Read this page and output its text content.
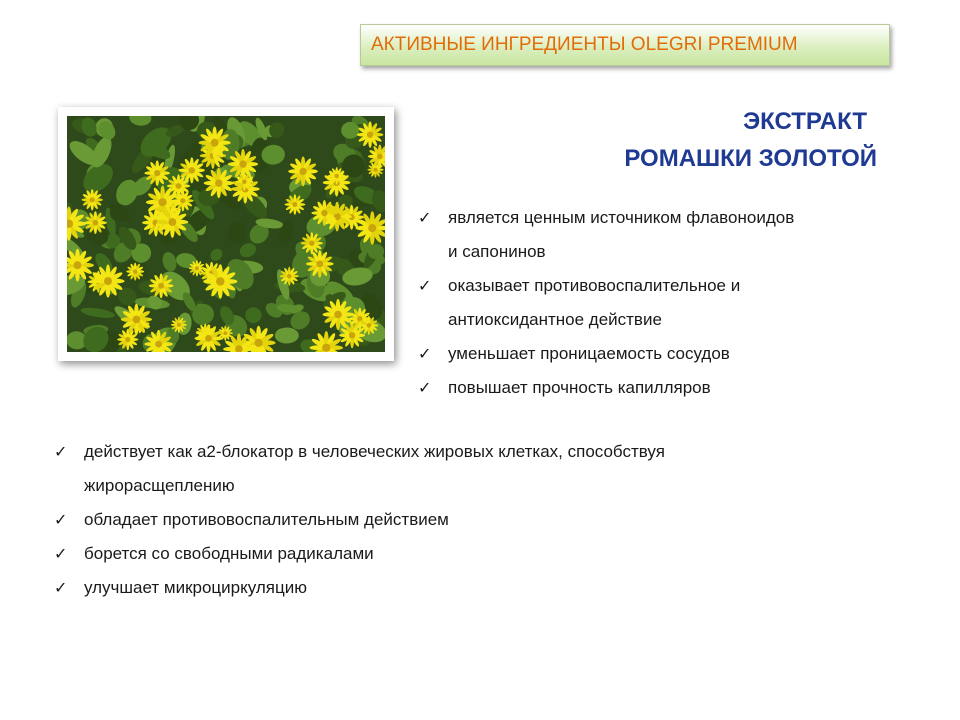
АКТИВНЫЕ ИНГРЕДИЕНТЫ OLEGRI PREMIUM
ЭКСТРАКТ
РОМАШКИ ЗОЛОТОЙ
✓ является ценным источником флавоноидов
и сапонинов
✓ оказывает противовоспалительное и
антиоксидантное действие
✓ уменьшает проницаемость сосудов
✓ повышает прочность капилляров
✓ действует как а2-блокатор в человеческих жировых клетках, способствуя
жирорасщеплению
✓ обладает противовоспалительным действием
✓ борется со свободными радикалами
✓ улучшает микроциркуляцию
